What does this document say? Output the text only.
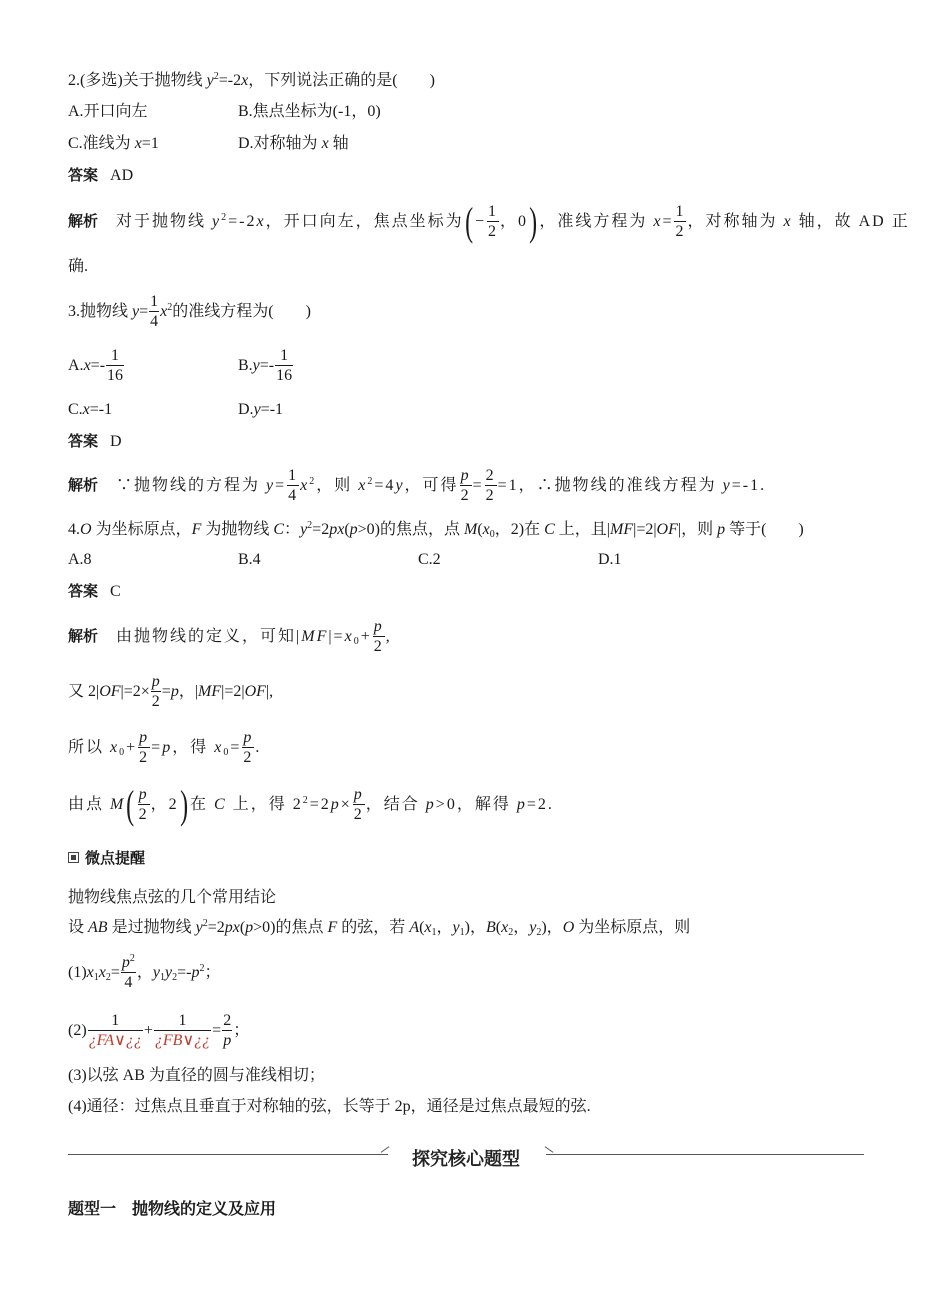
2.(多选)关于抛物线 $y^2=-2x$，下列说法正确的是(　　)
A.开口向左	B.焦点坐标为(-1，0)
C.准线为 x=1	D.对称轴为 x 轴
答案 AD
解析 对于抛物线 $y^2=-2x$，开口向左，焦点坐标为(− $\frac{1}{2}$ ，0)，准线方程为 $x= \frac{1}{2}$ ，对称轴为 x 轴，故 AD 正
确.
3.抛物线 $y= \frac{1}{4} x^2$的准线方程为(　　)
$A.x=- \frac{1}{16}$	$B.y=- \frac{1}{16}$
C.x=-1	D.y=-1
答案 D
解析 ∵抛物线的方程为 $y= \frac{1}{4} x^2$，则 $x^2=4y$，可得 $\frac{p}{2} = \frac{2}{2} =1$，∴抛物线的准线方程为 y=-1.
4.O 为坐标原点，F 为抛物线 C：$y^2=2px(p>0)$的焦点，点 $M(x_0$，2)在 C 上，且|MF|=2|OF|，则 p 等于(　　)
A.8	B.4	C.2	D.1
答案 C
解析 由抛物线的定义，可知$|MF|=x_0+ \frac{p}{2}$ ,
又 $2|OF|=2\times \frac{p}{2} =p$，|MF|=2|OF|,
所以 $x_0+ \frac{p}{2} =p$，得 $x_0= \frac{p}{2}$ .
由点 $M( \frac{p}{2}$ ，2)在 C 上，得 $2^2=2p\times \frac{p}{2}$ ，结合 p>0，解得 p=2.
微点提醒
抛物线焦点弦的几个常用结论
设 AB 是过抛物线 $y^2=2px(p>0)$的焦点 F 的弦，若 $A(x_1$，$y_1$)，$B(x_2$，$y_2$)，O 为坐标原点，则
$(1)x_1x_2= \frac{p^2}{4}$ ，$y_1y_2=-p^2$；
$(2) \frac{1}{¿FA\vee¿¿} + \frac{1}{¿FB\vee¿¿} = \frac{2}{p}$ ；
(3)以弦 AB 为直径的圆与准线相切；
(4)通径：过焦点且垂直于对称轴的弦，长等于 2p，通径是过焦点最短的弦.
探究核心题型
题型一　抛物线的定义及应用
